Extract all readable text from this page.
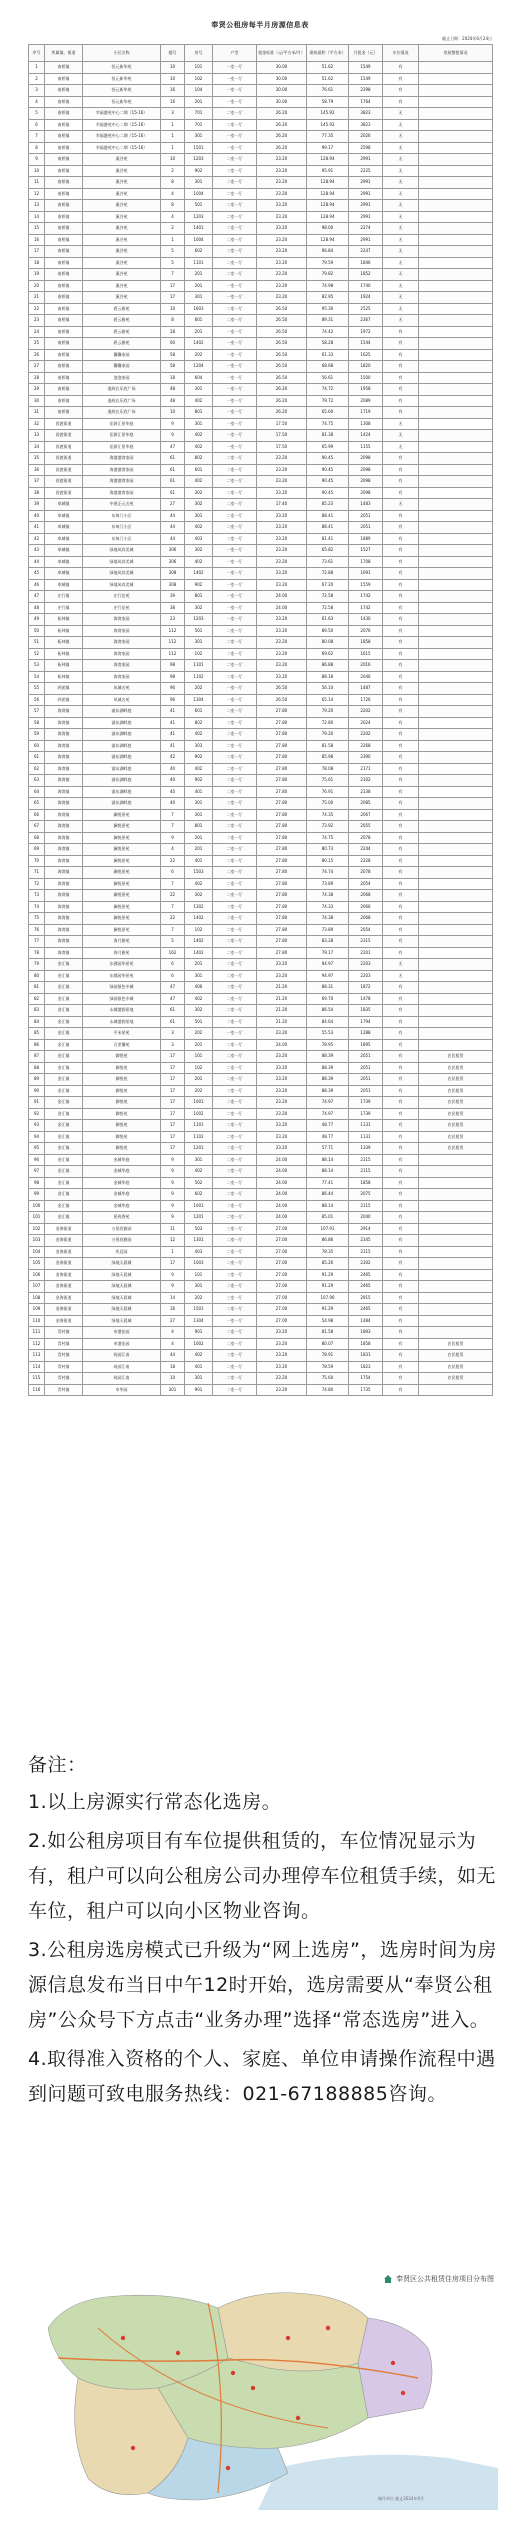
奉贤公租房每半月房源信息表
截止日期：2024年6月24日
序号	所属镇、街道	小区名称	楼号	房号	户型	租金标准（元/平方米/月）	建筑面积（平方米）	月租金（元）	车位情况	房屋整租情况
1	南桥镇	恒元新华苑	10	101	一室一厅	30.00	51.62	1549	有	
2	南桥镇	恒元新华苑	10	102	一室一厅	30.00	51.62	1549	有	
3	南桥镇	恒元新华苑	16	104	一室一厅	30.00	76.61	2298	有	
4	南桥镇	恒元新华苑	16	201	一室一厅	30.00	58.79	1764	有	
5	南桥镇	幸福港苑中心二期（15-16）	3	701	二室一厅	26.20	145.92	3823	无	
6	南桥镇	幸福港苑中心二期（15-16）	1	701	二室一厅	26.20	145.92	3823	无	
7	南桥镇	幸福港苑中心二期（15-16）	1	301	一室一厅	26.20	77.35	2026	无	
8	南桥镇	幸福港苑中心二期（15-16）	1	1501	一室一厅	26.20	99.17	2598	无	
9	南桥镇	溪谷苑	10	1203	二室一厅	23.20	128.94	2991	无	
10	南桥镇	溪谷苑	2	902	二室一厅	23.20	95.91	2225	无	
11	南桥镇	溪谷苑	8	301	二室一厅	23.20	128.94	2991	无	
12	南桥镇	溪谷苑	4	1004	二室一厅	23.20	128.94	2991	无	
13	南桥镇	溪谷苑	8	501	二室一厅	23.20	128.94	2991	无	
14	南桥镇	溪谷苑	4	1203	二室一厅	23.20	128.94	2991	无	
15	南桥镇	溪谷苑	2	1401	二室一厅	23.20	98.00	2274	无	
16	南桥镇	溪谷苑	1	1004	二室一厅	23.20	128.94	2991	无	
17	南桥镇	溪谷苑	5	602	二室一厅	23.20	96.84	2247	无	
18	南桥镇	溪谷苑	5	1101	二室一厅	23.20	79.59	1846	无	
19	南桥镇	溪谷苑	7	201	二室一厅	23.20	79.82	1852	无	
20	南桥镇	溪谷苑	17	201	一室一厅	23.20	74.98	1740	无	
21	南桥镇	溪谷苑	17	301	一室一厅	23.20	82.95	1924	无	
22	南桥镇	碧云雅苑	10	1603	二室一厅	26.50	95.30	2525	无	
23	南桥镇	碧云雅苑	8	601	二室一厅	26.50	89.31	2367	无	
24	南桥镇	碧云雅苑	28	201	一室一厅	26.50	74.42	1972	有	
25	南桥镇	碧云雅苑	60	1402	一室一厅	26.50	58.28	1544	有	
26	南桥镇	馨馨家园	58	202	一室一厅	26.50	61.33	1625	有	
27	南桥镇	馨馨家园	58	1204	一室一厅	26.50	68.68	1820	有	
28	南桥镇	泡泡家园	18	604	一室一厅	26.50	56.61	1500	有	
29	南桥镇	逸致长乐欣广场	48	301	一室一厅	26.20	74.72	1958	有	
30	南桥镇	逸致长乐欣广场	48	402	一室一厅	26.20	79.72	2089	有	
31	南桥镇	逸致长乐欣广场	10	801	一室一厅	26.20	65.60	1719	有	
32	西渡街道	佳源汇景华庭	9	301	一室一厅	17.50	74.75	1308	无	
33	西渡街道	佳源汇景华庭	9	402	一室一厅	17.50	81.38	1424	无	
34	西渡街道	佳源汇景华庭	47	402	一室一厅	17.50	65.99	1155	无	
35	西渡街道	海港港湾家园	61	802	二室一厅	23.20	90.45	2098	有	
36	西渡街道	海港港湾家园	61	601	二室一厅	23.20	90.45	2098	有	
37	西渡街道	海港港湾家园	61	402	二室一厅	23.20	90.45	2098	有	
38	西渡街道	海港港湾家园	61	302	二室一厅	23.20	90.45	2098	有	
39	奉城镇	中建正元名苑	27	302	二室一厅	17.40	85.23	1483	无	
40	奉城镇	东甸门小区	44	301	二室一厅	23.20	88.41	2051	有	
41	奉城镇	东甸门小区	44	402	二室一厅	23.20	88.41	2051	有	
42	奉城镇	东甸门小区	44	403	二室一厅	23.20	81.41	1889	有	
43	奉城镇	绿地风尚美城	306	302	一室一厅	23.20	65.82	1527	有	
44	奉城镇	绿地风尚美城	306	402	一室一厅	23.20	73.61	1708	有	
45	奉城镇	绿地风尚美城	308	1402	一室一厅	23.20	72.88	1691	有	
46	奉城镇	绿地风尚美城	308	902	一室一厅	23.20	67.20	1559	有	
47	庄行镇	庄行佳苑	39	801	一室一厅	24.00	72.58	1742	有	
48	庄行镇	庄行佳苑	38	302	一室一厅	24.00	72.58	1742	有	
49	柘林镇	海湾家园	23	1203	一室一厅	23.20	61.63	1430	有	
50	柘林镇	海湾家园	112	501	二室一厅	23.20	89.50	2076	有	
51	柘林镇	海湾家园	112	301	二室一厅	23.20	80.08	1858	有	
52	柘林镇	海湾家园	112	102	二室一厅	23.20	69.62	1615	有	
53	柘林镇	海湾家园	98	1101	二室一厅	23.20	86.88	2016	有	
54	柘林镇	海湾家园	98	1102	二室一厅	23.20	88.18	2046	有	
55	四团镇	风城名苑	96	202	一室一厅	26.50	56.10	1487	有	
56	四团镇	风城名苑	96	1304	一室一厅	26.50	65.14	1726	有	
57	海湾镇	浦东湖畔庭	41	601	二室一厅	27.80	79.20	2202	有	
58	海湾镇	浦东湖畔庭	41	802	二室一厅	27.80	72.80	2024	有	
59	海湾镇	浦东湖畔庭	41	402	二室一厅	27.80	79.20	2202	有	
60	海湾镇	浦东湖畔庭	41	303	二室一厅	27.80	81.58	2268	有	
61	海湾镇	浦东湖畔庭	42	902	二室一厅	27.80	85.98	2390	有	
62	海湾镇	浦东湖畔庭	40	402	二室一厅	27.80	78.08	2171	有	
63	海湾镇	浦东湖畔庭	40	902	二室一厅	27.80	75.61	2102	有	
64	海湾镇	浦东湖畔庭	40	401	二室一厅	27.80	76.91	2138	有	
65	海湾镇	浦东湖畔庭	40	301	二室一厅	27.80	75.00	2085	有	
66	海湾镇	澜悦景苑	7	301	二室一厅	27.80	74.35	2067	有	
67	海湾镇	澜悦景苑	7	801	二室一厅	27.80	73.92	2055	有	
68	海湾镇	澜悦景苑	9	201	二室一厅	27.80	74.75	2078	有	
69	海湾镇	澜悦景苑	4	201	二室一厅	27.80	80.73	2244	有	
70	海湾镇	澜悦景苑	22	401	二室一厅	27.80	80.15	2228	有	
71	海湾镇	澜悦景苑	6	1503	二室一厅	27.80	74.74	2078	有	
72	海湾镇	澜悦景苑	7	402	二室一厅	27.80	73.89	2054	有	
73	海湾镇	澜悦景苑	22	302	二室一厅	27.80	74.38	2068	有	
74	海湾镇	澜悦景苑	7	1302	二室一厅	27.80	74.33	2066	有	
75	海湾镇	澜悦景苑	22	1402	二室一厅	27.80	74.38	2068	有	
76	海湾镇	澜悦景苑	7	102	二室一厅	27.80	73.89	2054	有	
77	海湾镇	海月雅苑	5	1402	二室一厅	27.80	83.28	2315	有	
78	海湾镇	海月雅苑	162	1402	二室一厅	27.80	79.17	2201	有	
79	金汇镇	东郡园华景苑	6	201	二室一厅	23.20	94.97	2203	无	
80	金汇镇	东郡园华景苑	6	301	二室一厅	23.20	94.97	2203	无	
81	金汇镇	绿园银色中城	47	406	二室一厅	21.20	88.31	1872	有	
82	金汇镇	绿园银色中城	47	402	二室一厅	21.20	69.70	1478	有	
83	金汇镇	永城港润景地	61	302	二室一厅	21.20	86.54	1835	有	
84	金汇镇	永城港润景地	61	501	二室一厅	21.20	84.64	1794	有	
85	金汇镇	平米景苑	3	202	一室一厅	23.20	55.53	1288	有	
86	金汇镇	百里馨苑	3	201	二室一厅	24.00	78.95	1895	有	
87	金汇镇	御悦苑	17	101	二室一厅	23.20	88.39	2051	有	农民租赁
88	金汇镇	御悦苑	17	102	二室一厅	23.20	88.39	2051	有	农民租赁
89	金汇镇	御悦苑	17	201	二室一厅	23.20	88.39	2051	有	农民租赁
90	金汇镇	御悦苑	17	202	二室一厅	23.20	88.39	2051	有	农民租赁
91	金汇镇	御悦苑	17	1001	二室一厅	23.20	74.97	1739	有	农民租赁
92	金汇镇	御悦苑	17	1002	二室一厅	23.20	74.97	1739	有	农民租赁
93	金汇镇	御悦苑	17	1101	二室一厅	23.20	48.77	1131	有	农民租赁
94	金汇镇	御悦苑	17	1102	二室一厅	23.20	48.77	1131	有	农民租赁
95	金汇镇	御悦苑	17	1201	二室一厅	23.20	57.71	1339	有	农民租赁
96	金汇镇	金城华庭	9	301	二室一厅	24.00	88.14	2115	有	
97	金汇镇	金城华庭	9	402	二室一厅	24.00	88.14	2115	有	
98	金汇镇	金城华庭	9	502	二室一厅	24.00	77.41	1858	有	
99	金汇镇	金城华庭	9	602	二室一厅	24.00	86.44	2075	有	
100	金汇镇	金城华庭	9	1001	二室一厅	24.00	88.14	2115	有	
101	金汇镇	景致香苑	9	1201	二室一厅	24.00	85.01	2040	有	
102	金海街道	万景欣雅园	11	503	三室一厅	27.00	107.91	2914	有	
103	金海街道	万景欣雅园	12	1301	二室一厅	27.00	86.86	2345	有	
104	金海街道	兆廷园	1	403	二室一厅	27.00	78.35	2115	有	
105	金海街道	绿地天晨城	17	1003	二室一厅	27.00	85.26	2302	有	
106	金海街道	绿地天晨城	9	101	二室一厅	27.00	91.29	2465	有	
107	金海街道	绿地天晨城	9	301	二室一厅	27.00	91.29	2465	有	
108	金海街道	绿地天晨城	14	202	三室一厅	27.00	107.96	2915	有	
109	金海街道	绿地天晨城	16	1501	二室一厅	27.00	91.29	2465	有	
110	金海街道	绿地天晨城	27	1304	一室一厅	27.00	54.98	1484	有	
111	青村镇	申港佳园	4	901	二室一厅	23.20	81.58	1893	有	
112	青村镇	申港佳园	4	1002	二室一厅	23.20	80.07	1858	有	农民租赁
113	青村镇	筑园江南	44	402	二室一厅	23.20	78.91	1831	有	农民租赁
114	青村镇	筑园江南	18	401	二室一厅	23.20	78.59	1823	有	农民租赁
115	青村镇	筑园江南	10	301	二室一厅	23.20	75.60	1754	有	农民租赁
116	青村镇	申华园	301	901	二室一厅	23.20	74.80	1735	有	

备注：

1.以上房源实行常态化选房。

2.如公租房项目有车位提供租赁的，车位情况显示为有，租户可以向公租房公司办理停车位租赁手续，如无车位，租户可以向小区物业咨询。

3.公租房选房模式已升级为“网上选房”，选房时间为房源信息发布当日中午12时开始，选房需要从“奉贤公租房”公众号下方点击“业务办理”选择“常态选房”进入。

4.取得准入资格的个人、家庭、单位申请操作流程中遇到问题可致电服务热线：021-67188885咨询。

奉贤区公共租赁住房项目分布图
制作单位 截止2024年6月
